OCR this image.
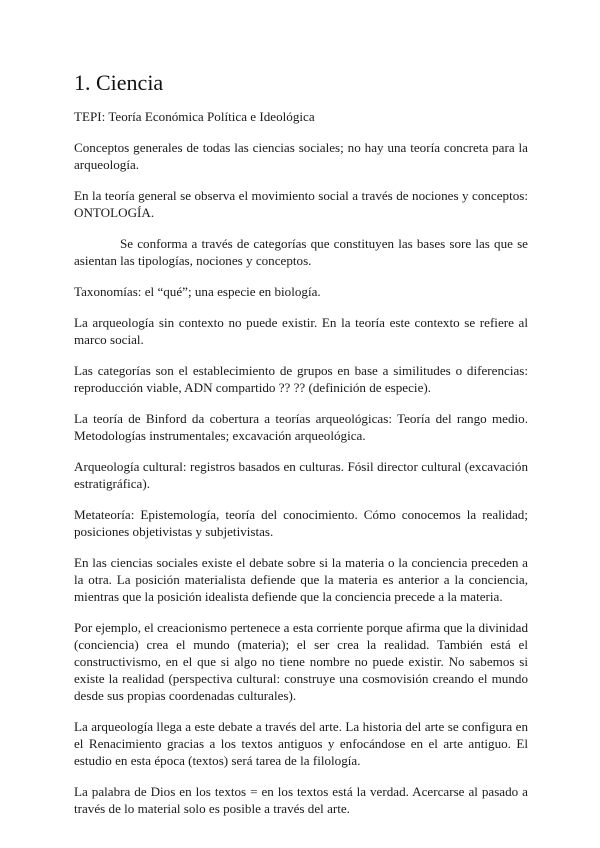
1. Ciencia

TEPI: Teoría Económica Política e Ideológica

Conceptos generales de todas las ciencias sociales; no hay una teoría concreta para la arqueología.

En la teoría general se observa el movimiento social a través de nociones y conceptos: ONTOLOGÍA.

Se conforma a través de categorías que constituyen las bases sore las que se asientan las tipologías, nociones y conceptos.

Taxonomías: el “qué”; una especie en biología.

La arqueología sin contexto no puede existir. En la teoría este contexto se refiere al marco social.

Las categorías son el establecimiento de grupos en base a similitudes o diferencias: reproducción viable, ADN compartido ?? ?? (definición de especie).

La teoría de Binford da cobertura a teorías arqueológicas: Teoría del rango medio. Metodologías instrumentales; excavación arqueológica.

Arqueología cultural: registros basados en culturas. Fósil director cultural (excavación estratigráfica).

Metateoría: Epistemología, teoría del conocimiento. Cómo conocemos la realidad; posiciones objetivistas y subjetivistas.

En las ciencias sociales existe el debate sobre si la materia o la conciencia preceden a la otra. La posición materialista defiende que la materia es anterior a la conciencia, mientras que la posición idealista defiende que la conciencia precede a la materia.

Por ejemplo, el creacionismo pertenece a esta corriente porque afirma que la divinidad (conciencia) crea el mundo (materia); el ser crea la realidad. También está el constructivismo, en el que si algo no tiene nombre no puede existir. No sabemos si existe la realidad (perspectiva cultural: construye una cosmovisión creando el mundo desde sus propias coordenadas culturales).

La arqueología llega a este debate a través del arte. La historia del arte se configura en el Renacimiento gracias a los textos antiguos y enfocándose en el arte antiguo. El estudio en esta época (textos) será tarea de la filología.

La palabra de Dios en los textos = en los textos está la verdad. Acercarse al pasado a través de lo material solo es posible a través del arte.
